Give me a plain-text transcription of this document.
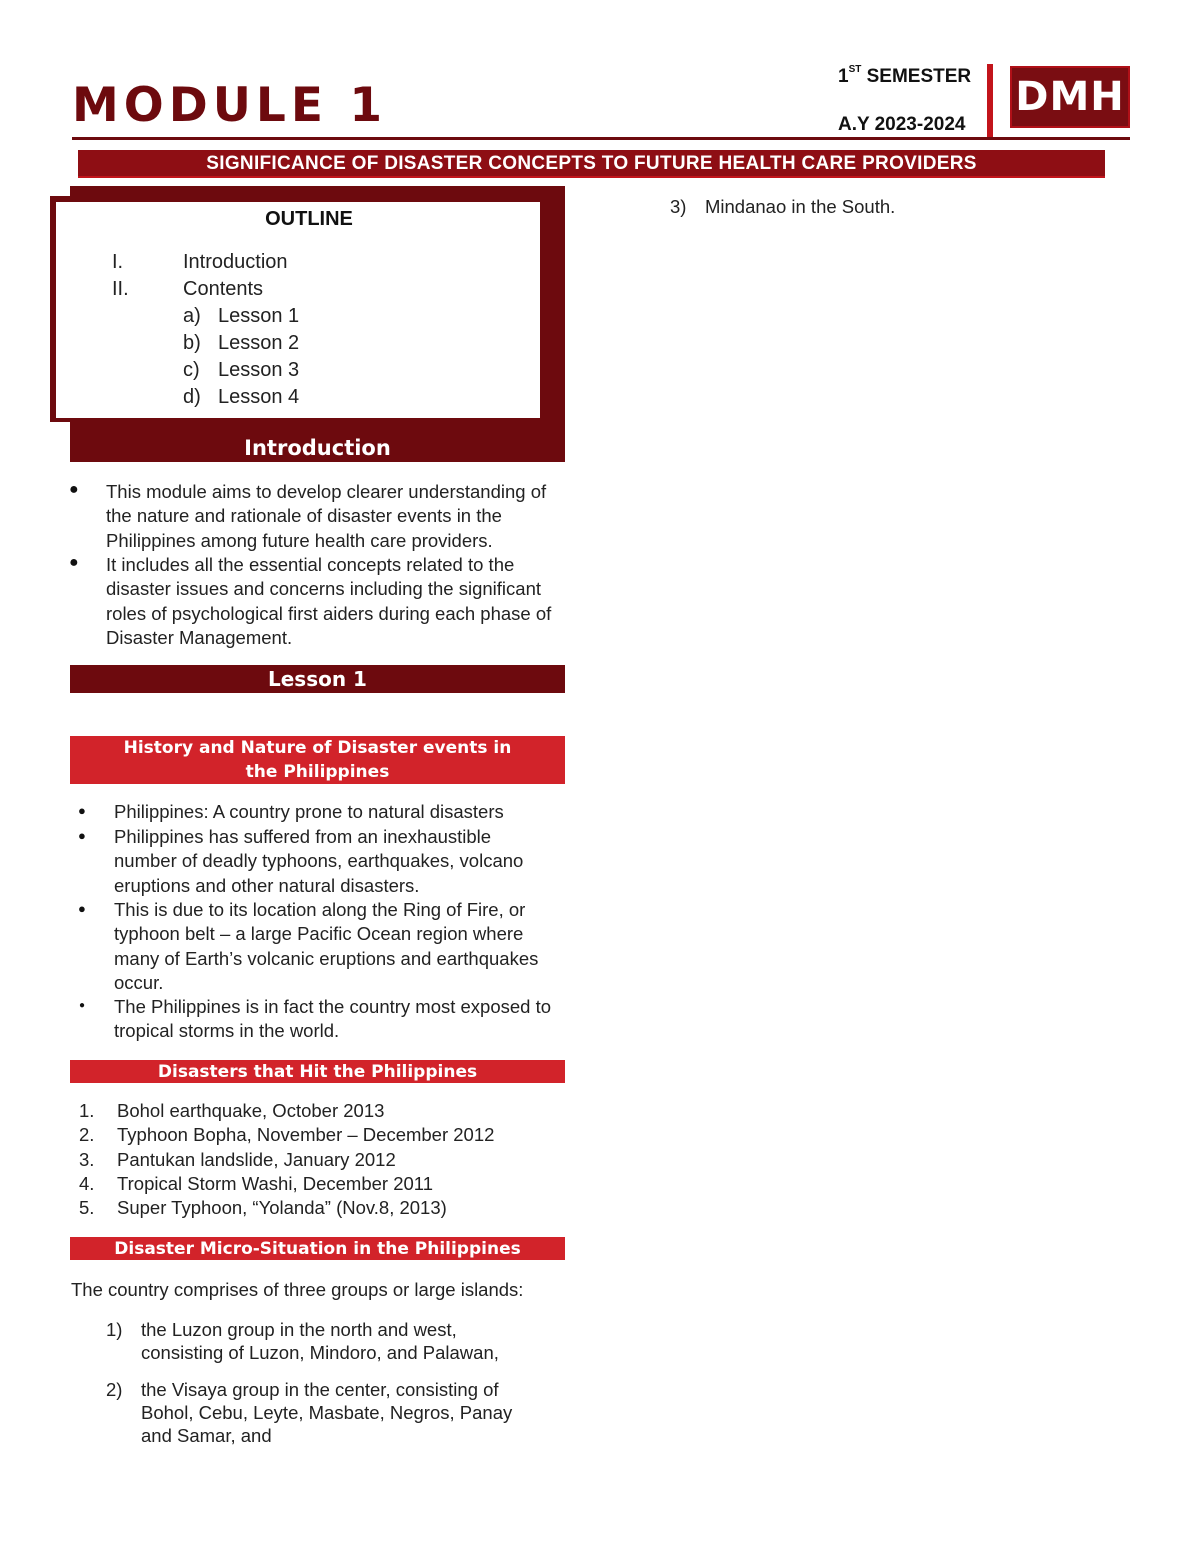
MODULE 1
1ST SEMESTER
A.Y 2023-2024
DMH
SIGNIFICANCE OF DISASTER CONCEPTS TO FUTURE HEALTH CARE PROVIDERS
OUTLINE
I.	Introduction
II.	Contents
a) Lesson 1
b) Lesson 2
c) Lesson 3
d) Lesson 4
Introduction
● This module aims to develop clearer understanding of the nature and rationale of disaster events in the Philippines among future health care providers.
● It includes all the essential concepts related to the disaster issues and concerns including the significant roles of psychological first aiders during each phase of Disaster Management.
Lesson 1
History and Nature of Disaster events in the Philippines
● Philippines: A country prone to natural disasters
● Philippines has suffered from an inexhaustible number of deadly typhoons, earthquakes, volcano eruptions and other natural disasters.
● This is due to its location along the Ring of Fire, or typhoon belt – a large Pacific Ocean region where many of Earth’s volcanic eruptions and earthquakes occur.
● The Philippines is in fact the country most exposed to tropical storms in the world.
Disasters that Hit the Philippines
1. Bohol earthquake, October 2013
2. Typhoon Bopha, November – December 2012
3. Pantukan landslide, January 2012
4. Tropical Storm Washi, December 2011
5. Super Typhoon, “Yolanda” (Nov.8, 2013)
Disaster Micro-Situation in the Philippines
The country comprises of three groups or large islands:
1) the Luzon group in the north and west, consisting of Luzon, Mindoro, and Palawan,
2) the Visaya group in the center, consisting of Bohol, Cebu, Leyte, Masbate, Negros, Panay and Samar, and
3) Mindanao in the South.
